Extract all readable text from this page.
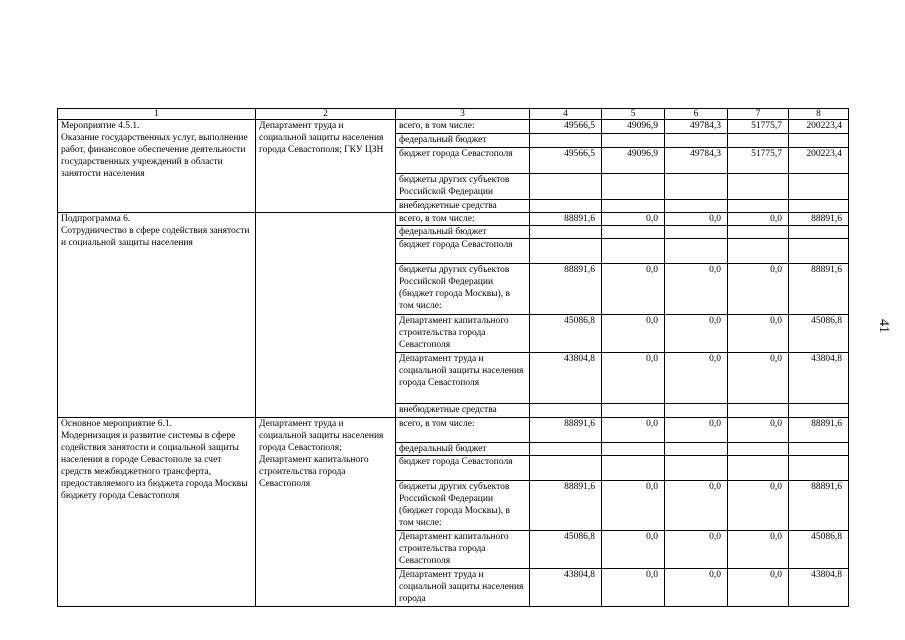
1	2	3	4	5	6	7	8
Мероприятие 4.5.1.
Оказание государственных услуг, выполнение работ, финансовое обеспечение деятельности государственных учреждений в области занятости населения	Департамент труда и социальной защиты населения города Севастополя; ГКУ ЦЗН	всего, в том числе:	49566,5	49096,9	49784,3	51775,7	200223,4
		федеральный бюджет					
		бюджет города Севастополя	49566,5	49096,9	49784,3	51775,7	200223,4
		бюджеты других субъектов Российской Федерации					
		внебюджетные средства					
Подпрограмма 6.
Сотрудничество в сфере содействия занятости и социальной защиты населения		всего, в том числе:	88891,6	0,0	0,0	0,0	88891,6
		федеральный бюджет					
		бюджет города Севастополя					
		бюджеты других субъектов Российской Федерации (бюджет города Москвы), в том числе:	88891,6	0,0	0,0	0,0	88891,6
		Департамент капитального строительства города Севастополя	45086,8	0,0	0,0	0,0	45086,8
		Департамент труда и социальной защиты населения города Севастополя	43804,8	0,0	0,0	0,0	43804,8
		внебюджетные средства					
Основное мероприятие 6.1.
Модернизация и развитие системы в сфере содействия занятости и социальной защиты населения в городе Севастополе за счет средств межбюджетного трансферта, предоставляемого из бюджета города Москвы бюджету города Севастополя	Департамент труда и социальной защиты населения города Севастополя; Департамент капитального строительства города Севастополя	всего, в том числе:	88891,6	0,0	0,0	0,0	88891,6
		федеральный бюджет					
		бюджет города Севастополя					
		бюджеты других субъектов Российской Федерации (бюджет города Москвы), в том числе:	88891,6	0,0	0,0	0,0	88891,6
		Департамент капитального строительства города Севастополя	45086,8	0,0	0,0	0,0	45086,8
		Департамент труда и социальной защиты населения города	43804,8	0,0	0,0	0,0	43804,8
41
